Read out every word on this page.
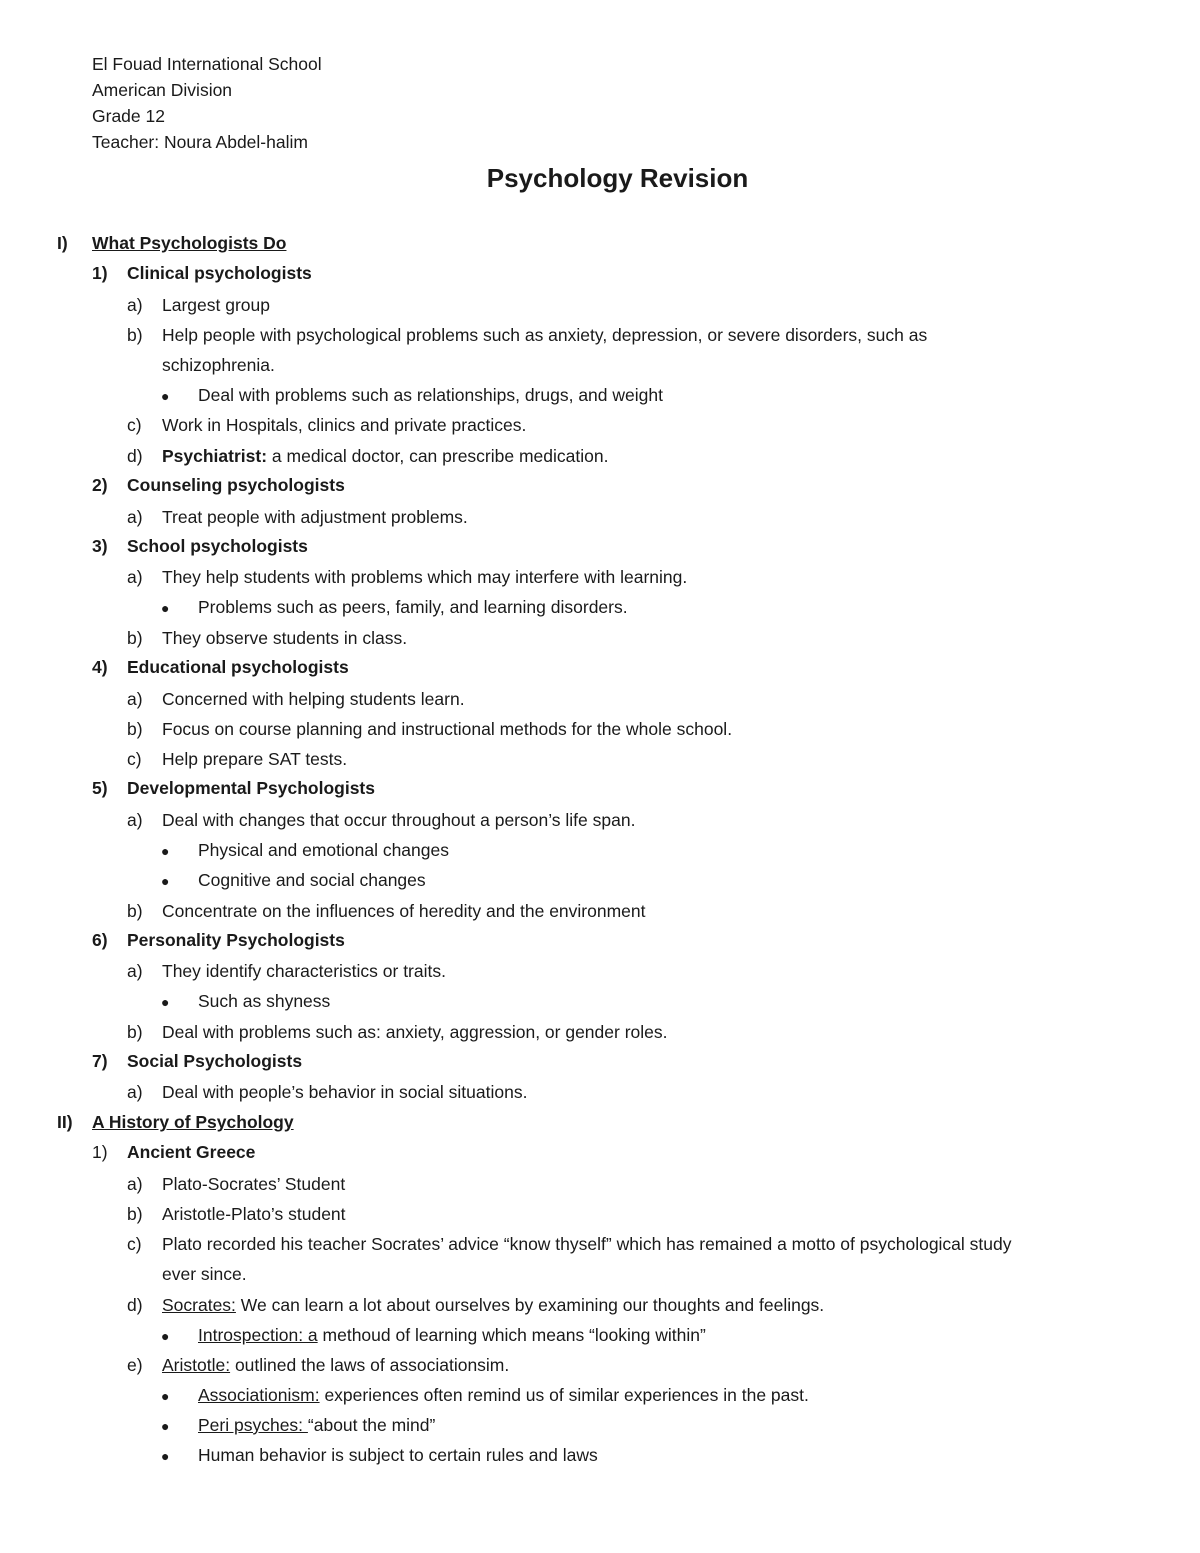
El Fouad International School
American Division
Grade 12
Teacher: Noura Abdel-halim
Psychology Revision
I) What Psychologists Do
1) Clinical psychologists
a) Largest group
b) Help people with psychological problems such as anxiety, depression, or severe disorders, such as
schizophrenia.
● Deal with problems such as relationships, drugs, and weight
c) Work in Hospitals, clinics and private practices.
d) Psychiatrist: a medical doctor, can prescribe medication.
2) Counseling psychologists
a) Treat people with adjustment problems.
3) School psychologists
a) They help students with problems which may interfere with learning.
● Problems such as peers, family, and learning disorders.
b) They observe students in class.
4) Educational psychologists
a) Concerned with helping students learn.
b) Focus on course planning and instructional methods for the whole school.
c) Help prepare SAT tests.
5) Developmental Psychologists
a) Deal with changes that occur throughout a person’s life span.
● Physical and emotional changes
● Cognitive and social changes
b) Concentrate on the influences of heredity and the environment
6) Personality Psychologists
a) They identify characteristics or traits.
● Such as shyness
b) Deal with problems such as: anxiety, aggression, or gender roles.
7) Social Psychologists
a) Deal with people’s behavior in social situations.
II) A History of Psychology
1) Ancient Greece
a) Plato-Socrates’ Student
b) Aristotle-Plato’s student
c) Plato recorded his teacher Socrates’ advice “know thyself” which has remained a motto of psychological study
ever since.
d) Socrates: We can learn a lot about ourselves by examining our thoughts and feelings.
● Introspection: a methoud of learning which means “looking within”
e) Aristotle: outlined the laws of associationsim.
● Associationism: experiences often remind us of similar experiences in the past.
● Peri psyches: “about the mind”
● Human behavior is subject to certain rules and laws
